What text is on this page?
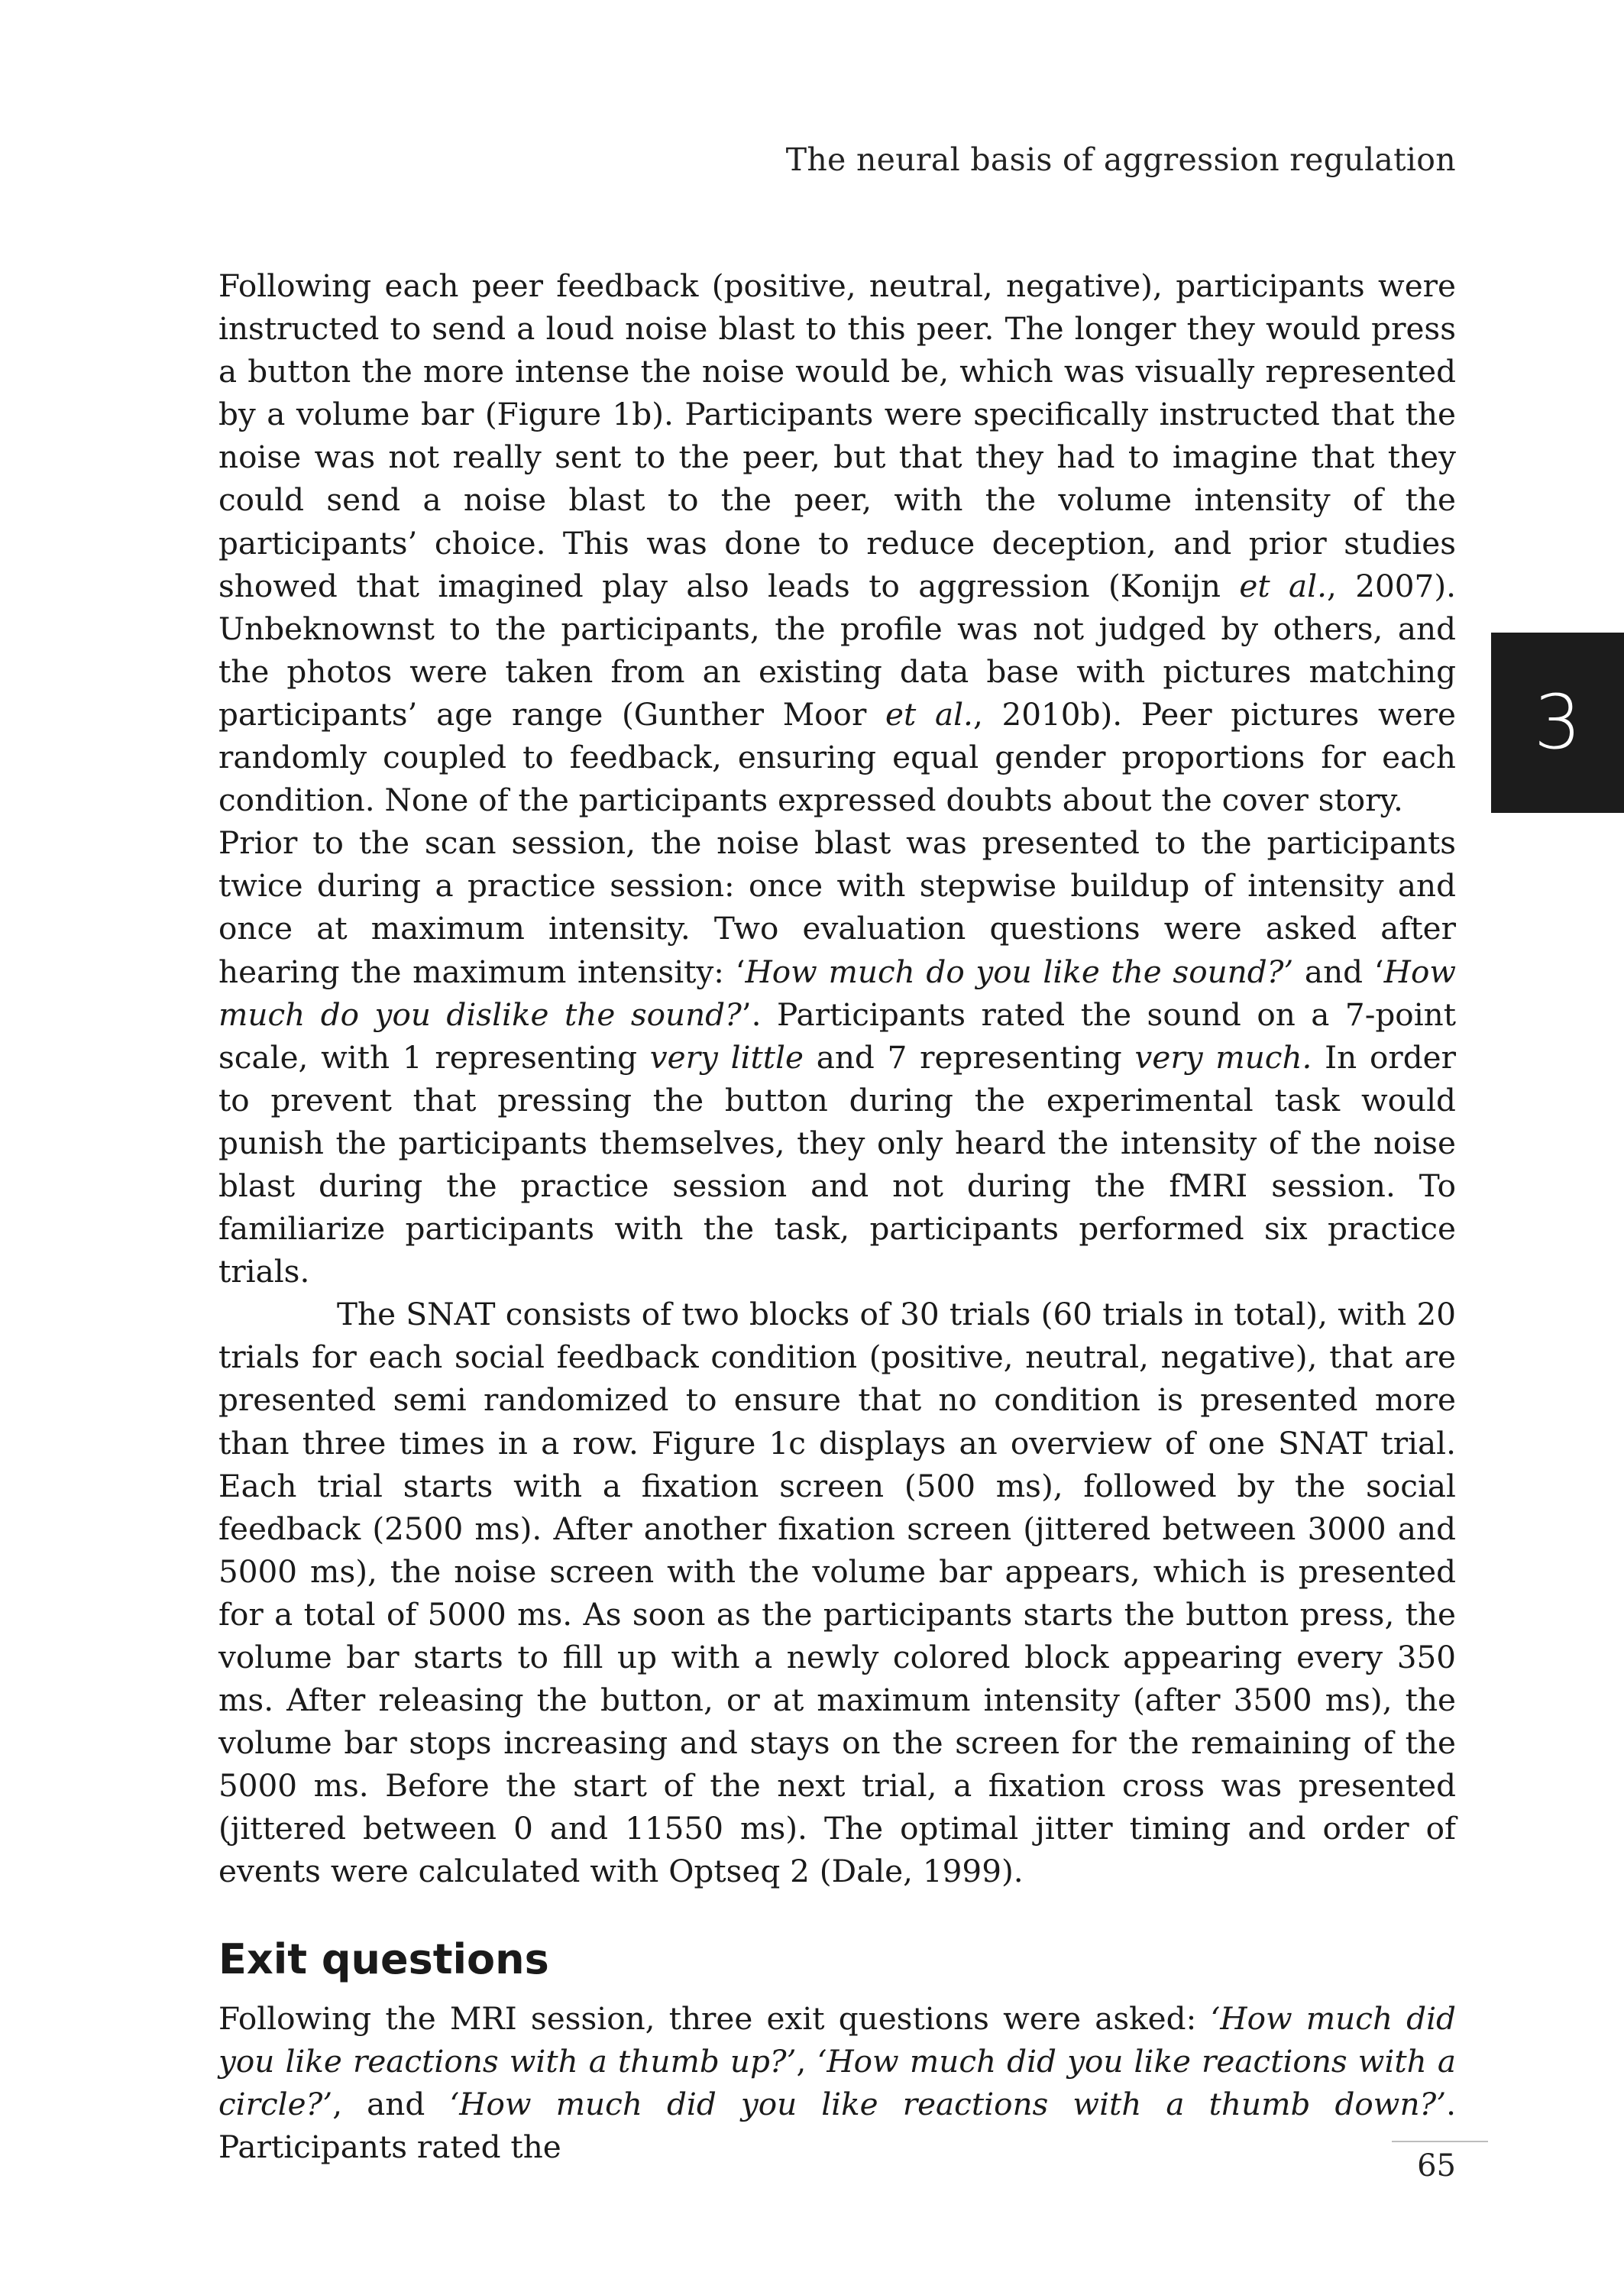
The neural basis of aggression regulation
3

Following each peer feedback (positive, neutral, negative), participants were instructed to send a loud noise blast to this peer. The longer they would press a button the more intense the noise would be, which was visually represented by a volume bar (Figure 1b). Participants were specifically instructed that the noise was not really sent to the peer, but that they had to imagine that they could send a noise blast to the peer, with the volume intensity of the participants’ choice. This was done to reduce deception, and prior studies showed that imagined play also leads to aggression (Konijn et al., 2007). Unbeknownst to the participants, the profile was not judged by others, and the photos were taken from an existing data base with pictures matching participants’ age range (Gunther Moor et al., 2010b). Peer pictures were randomly coupled to feedback, ensuring equal gender proportions for each condition. None of the participants expressed doubts about the cover story.

Prior to the scan session, the noise blast was presented to the participants twice during a practice session: once with stepwise buildup of intensity and once at maximum intensity. Two evaluation questions were asked after hearing the maximum intensity: ‘How much do you like the sound?’ and ‘How much do you dislike the sound?’. Participants rated the sound on a 7-point scale, with 1 representing very little and 7 representing very much. In order to prevent that pressing the button during the experimental task would punish the participants themselves, they only heard the intensity of the noise blast during the practice session and not during the fMRI session. To familiarize participants with the task, participants performed six practice trials.

The SNAT consists of two blocks of 30 trials (60 trials in total), with 20 trials for each social feedback condition (positive, neutral, negative), that are presented semi randomized to ensure that no condition is presented more than three times in a row. Figure 1c displays an overview of one SNAT trial. Each trial starts with a fixation screen (500 ms), followed by the social feedback (2500 ms). After another fixation screen (jittered between 3000 and 5000 ms), the noise screen with the volume bar appears, which is presented for a total of 5000 ms. As soon as the participants starts the button press, the volume bar starts to fill up with a newly colored block appearing every 350 ms. After releasing the button, or at maximum intensity (after 3500 ms), the volume bar stops increasing and stays on the screen for the remaining of the 5000 ms. Before the start of the next trial, a fixation cross was presented (jittered between 0 and 11550 ms). The optimal jitter timing and order of events were calculated with Optseq 2 (Dale, 1999).

Exit questions

Following the MRI session, three exit questions were asked: ‘How much did you like reactions with a thumb up?’, ‘How much did you like reactions with a circle?’, and ‘How much did you like reactions with a thumb down?’. Participants rated the

65
